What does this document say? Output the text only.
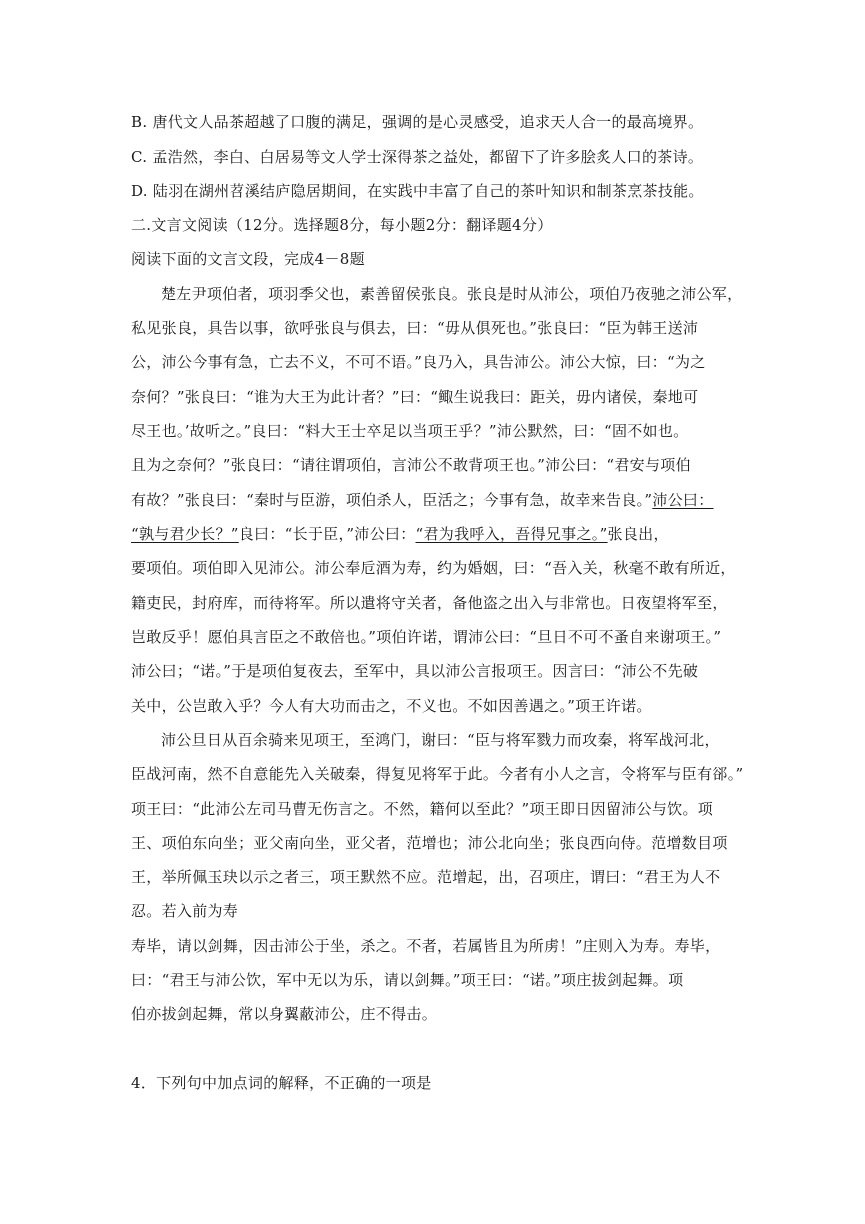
B. 唐代文人品茶超越了口腹的满足，强调的是心灵感受，追求天人合一的最高境界。
C. 孟浩然，李白、白居易等文人学士深得茶之益处，都留下了许多脍炙人口的茶诗。
D. 陆羽在湖州苕溪结庐隐居期间，在实践中丰富了自己的茶叶知识和制茶烹茶技能。
二.文言文阅读（12分。选择题8分，每小题2分：翻译题4分）
阅读下面的文言文段，完成4－8题
楚左尹项伯者，项羽季父也，素善留侯张良。张良是时从沛公，项伯乃夜驰之沛公军，
私见张良，具告以事，欲呼张良与俱去，曰：“毋从俱死也。”张良曰：“臣为韩王送沛
公，沛公今事有急，亡去不义，不可不语。”良乃入，具告沛公。沛公大惊，曰：“为之
奈何？”张良曰：“谁为大王为此计者？”曰：“鲰生说我曰：距关，毋内诸侯，秦地可
尽王也。’故听之。”良曰：“料大王士卒足以当项王乎？”沛公默然，曰：“固不如也。
且为之奈何？”张良曰：“请往谓项伯，言沛公不敢背项王也。”沛公曰：“君安与项伯
有故？”张良曰：“秦时与臣游，项伯杀人，臣活之；今事有急，故幸来告良。”沛公曰：
“孰与君少长？”良曰：“长于臣，”沛公曰：“君为我呼入，吾得兄事之。”张良出，
要项伯。项伯即入见沛公。沛公奉卮酒为寿，约为婚姻，曰：“吾入关，秋毫不敢有所近，
籍吏民，封府库，而待将军。所以遣将守关者，备他盗之出入与非常也。日夜望将军至，
岂敢反乎！愿伯具言臣之不敢倍也。”项伯许诺，谓沛公曰：“旦日不可不蚤自来谢项王。”
沛公曰；“诺。”于是项伯复夜去，至军中，具以沛公言报项王。因言曰：“沛公不先破
关中，公岂敢入乎？今人有大功而击之，不义也。不如因善遇之。”项王许诺。
沛公旦日从百余骑来见项王，至鸿门，谢曰：“臣与将军戮力而攻秦，将军战河北，
臣战河南，然不自意能先入关破秦，得复见将军于此。今者有小人之言，令将军与臣有郤。”
项王曰：“此沛公左司马曹无伤言之。不然，籍何以至此？”项王即日因留沛公与饮。项
王、项伯东向坐；亚父南向坐，亚父者，范增也；沛公北向坐；张良西向侍。范增数目项
王，举所佩玉玦以示之者三，项王默然不应。范增起，出，召项庄，谓曰：“君王为人不
忍。若入前为寿
寿毕，请以剑舞，因击沛公于坐，杀之。不者，若属皆且为所虏！”庄则入为寿。寿毕，
曰：“君王与沛公饮，军中无以为乐，请以剑舞。”项王曰：“诺。”项庄拔剑起舞。项
伯亦拔剑起舞，常以身翼蔽沛公，庄不得击。
4．下列句中加点词的解释，不正确的一项是
